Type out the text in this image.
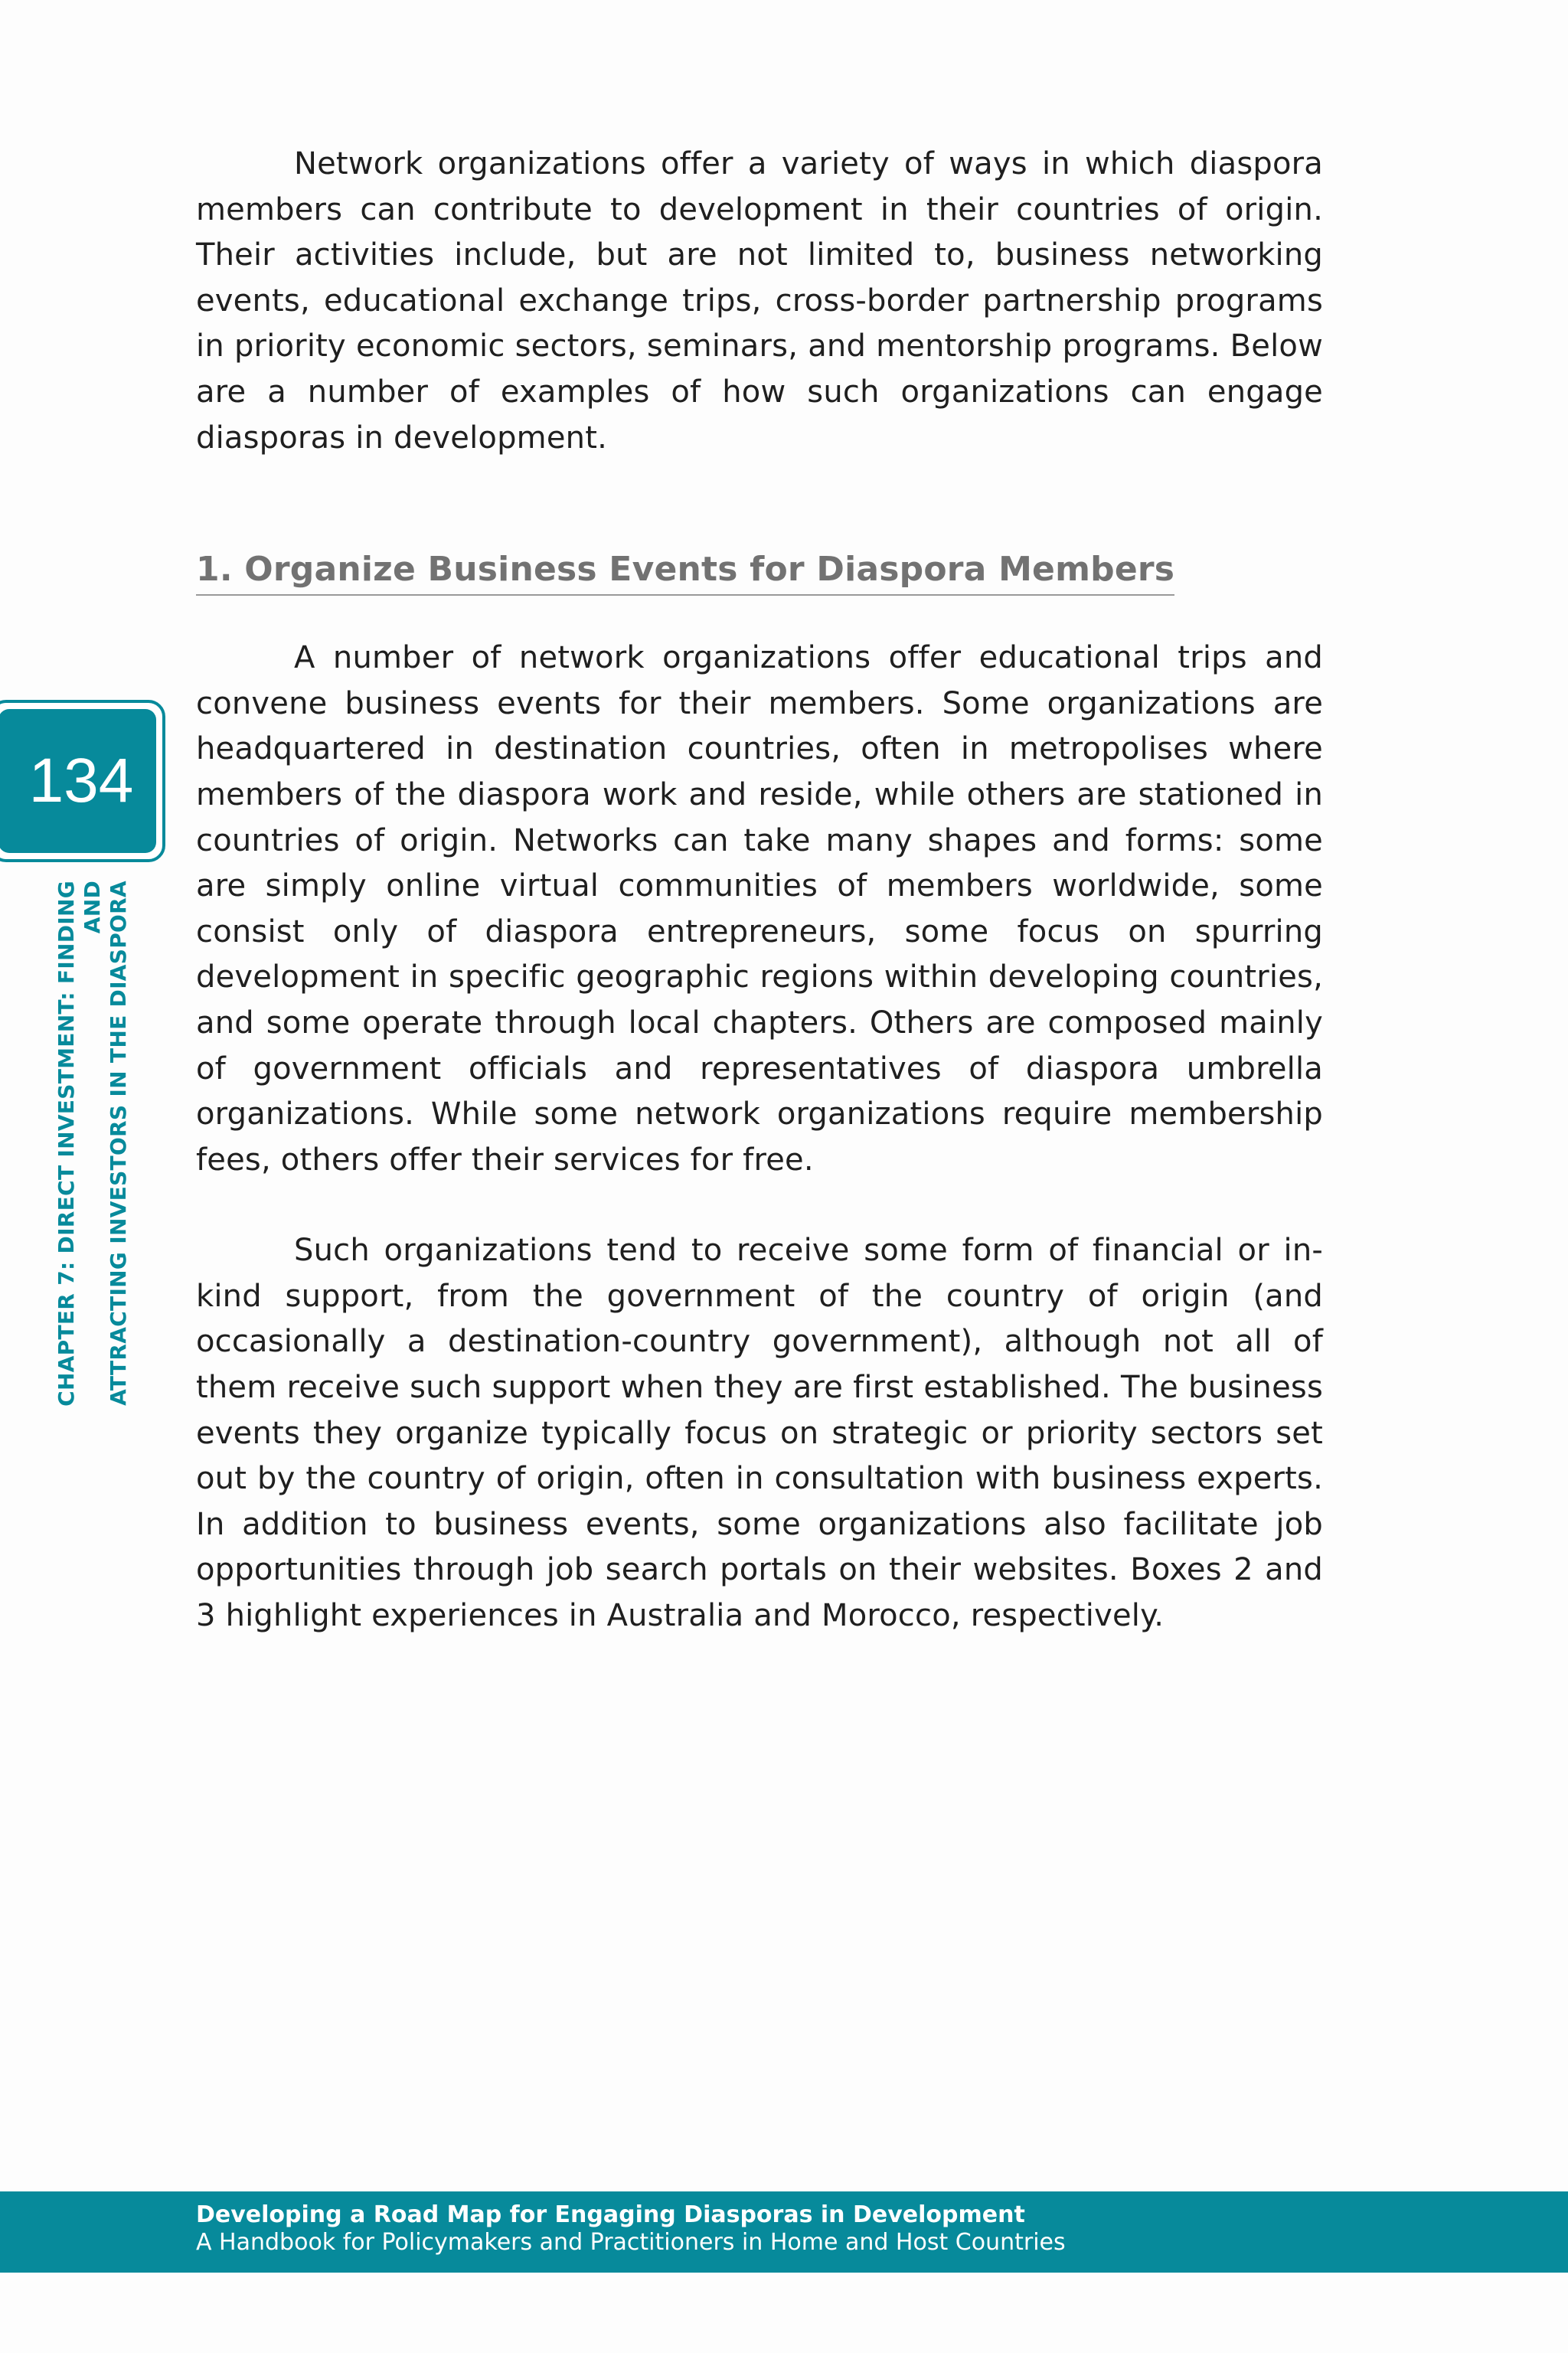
134
CHAPTER 7: DIRECT INVESTMENT: FINDING AND ATTRACTING INVESTORS IN THE DIASPORA

Network organizations offer a variety of ways in which diaspora members can contribute to development in their countries of origin. Their activities include, but are not limited to, business networking events, educational exchange trips, cross-border partnership programs in priority economic sectors, seminars, and mentorship programs. Below are a number of examples of how such organizations can engage diasporas in development.

1. Organize Business Events for Diaspora Members

A number of network organizations offer educational trips and convene business events for their members. Some organizations are headquartered in destination countries, often in metropolises where members of the diaspora work and reside, while others are stationed in countries of origin. Networks can take many shapes and forms: some are simply online virtual communities of members worldwide, some consist only of diaspora entrepreneurs, some focus on spurring development in specific geographic regions within developing countries, and some operate through local chapters. Others are composed mainly of government officials and representatives of diaspora umbrella organizations. While some network organizations require membership fees, others offer their services for free.

Such organizations tend to receive some form of financial or in-kind support, from the government of the country of origin (and occasionally a destination-country government), although not all of them receive such support when they are first established. The business events they organize typically focus on strategic or priority sectors set out by the country of origin, often in consultation with business experts. In addition to business events, some organizations also facilitate job opportunities through job search portals on their websites. Boxes 2 and 3 highlight experiences in Australia and Morocco, respectively.

Developing a Road Map for Engaging Diasporas in Development
A Handbook for Policymakers and Practitioners in Home and Host Countries
